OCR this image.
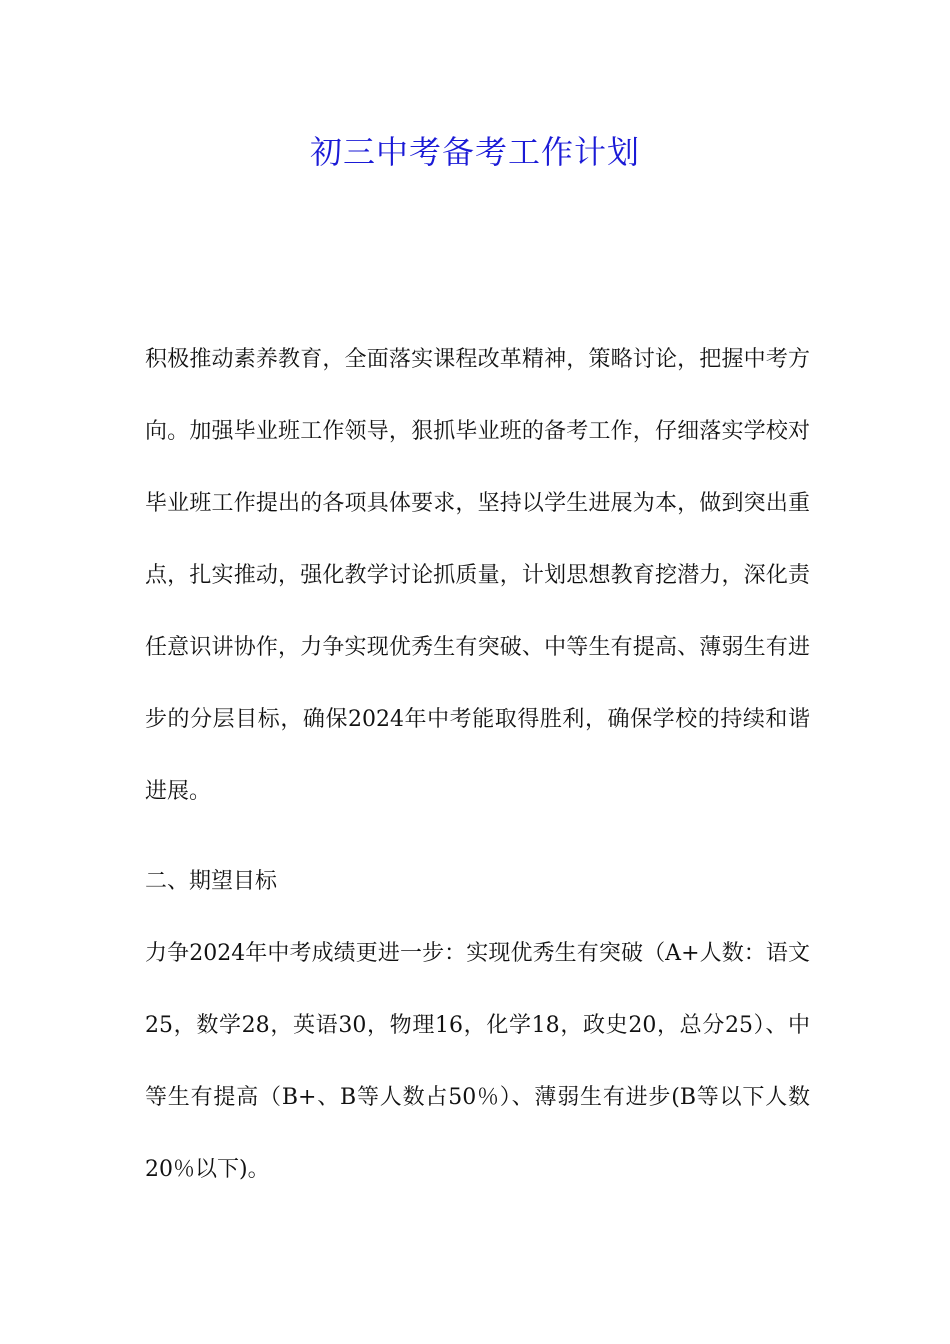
初三中考备考工作计划

积极推动素养教育，全面落实课程改革精神，策略讨论，把握中考方向。加强毕业班工作领导，狠抓毕业班的备考工作，仔细落实学校对毕业班工作提出的各项具体要求，坚持以学生进展为本，做到突出重点，扎实推动，强化教学讨论抓质量，计划思想教育挖潜力，深化责任意识讲协作，力争实现优秀生有突破、中等生有提高、薄弱生有进步的分层目标，确保2024年中考能取得胜利，确保学校的持续和谐进展。

二、期望目标

力争2024年中考成绩更进一步：实现优秀生有突破（A+人数：语文25，数学28，英语30，物理16，化学18，政史20，总分25）、中等生有提高（B+、B等人数占50％）、薄弱生有进步(B等以下人数20％以下)。
